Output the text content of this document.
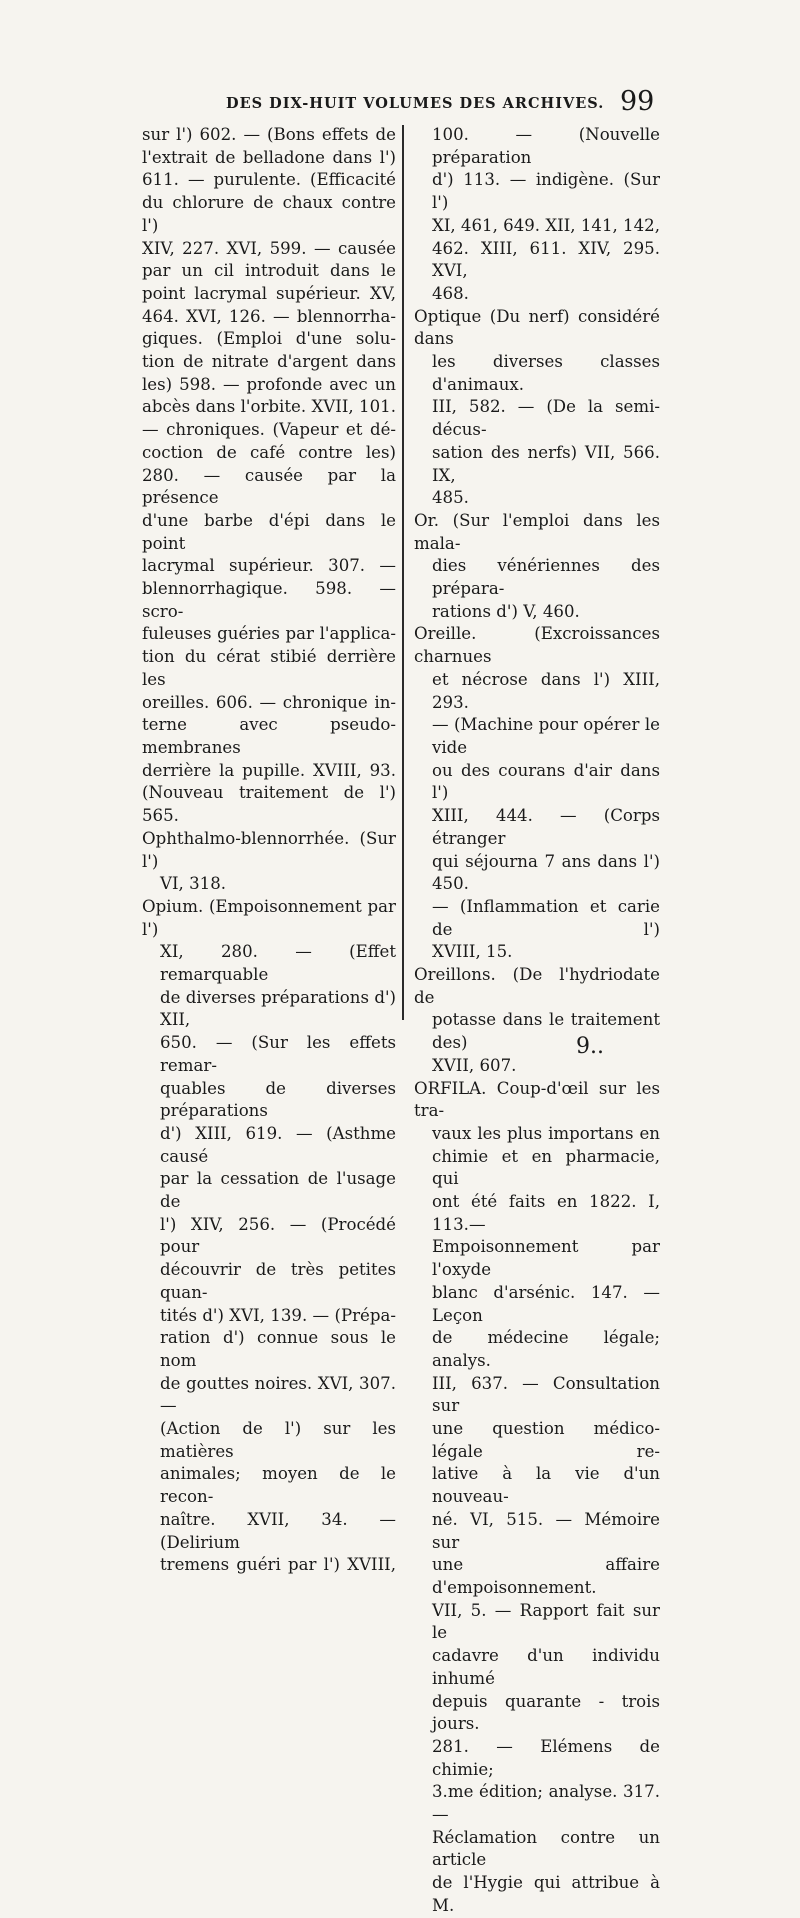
DES DIX-HUIT VOLUMES DES ARCHIVES. 99
sur l') 602. — (Bons effets de
l'extrait de belladone dans l')
611. — purulente. (Efficacité
du chlorure de chaux contre l')
XIV, 227. XVI, 599. — causée
par un cil introduit dans le
point lacrymal supérieur. XV,
464. XVI, 126. — blennorrha-
giques. (Emploi d'une solu-
tion de nitrate d'argent dans
les) 598. — profonde avec un
abcès dans l'orbite. XVII, 101.
— chroniques. (Vapeur et dé-
coction de café contre les)
280. — causée par la présence
d'une barbe d'épi dans le point
lacrymal supérieur. 307. —
blennorrhagique. 598. — scro-
fuleuses guéries par l'applica-
tion du cérat stibié derrière les
oreilles. 606. — chronique in-
terne avec pseudo-membranes
derrière la pupille. XVIII, 93.
(Nouveau traitement de l')
565.
Ophthalmo-blennorrhée. (Sur l')
VI, 318.
Opium. (Empoisonnement par l')
XI, 280. — (Effet remarquable
de diverses préparations d') XII,
650. — (Sur les effets remar-
quables de diverses préparations
d') XIII, 619. — (Asthme causé
par la cessation de l'usage de
l') XIV, 256. — (Procédé pour
découvrir de très petites quan-
tités d') XVI, 139. — (Prépa-
ration d') connue sous le nom
de gouttes noires. XVI, 307. —
(Action de l') sur les matières
animales; moyen de le recon-
naître. XVII, 34. — (Delirium
tremens guéri par l') XVIII,
100. — (Nouvelle préparation
d') 113. — indigène. (Sur l')
XI, 461, 649. XII, 141, 142,
462. XIII, 611. XIV, 295. XVI,
468.
Optique (Du nerf) considéré dans
les diverses classes d'animaux.
III, 582. — (De la semi-décus-
sation des nerfs) VII, 566. IX,
485.
Or. (Sur l'emploi dans les mala-
dies vénériennes des prépara-
rations d') V, 460.
Oreille. (Excroissances charnues
et nécrose dans l') XIII, 293.
— (Machine pour opérer le vide
ou des courans d'air dans l')
XIII, 444. — (Corps étranger
qui séjourna 7 ans dans l') 450.
— (Inflammation et carie de l')
XVIII, 15.
Oreillons. (De l'hydriodate de
potasse dans le traitement des)
XVII, 607.
ORFILA. Coup-d'œil sur les tra-
vaux les plus importans en
chimie et en pharmacie, qui
ont été faits en 1822. I, 113.—
Empoisonnement par l'oxyde
blanc d'arsénic. 147. — Leçon
de médecine légale; analys.
III, 637. — Consultation sur
une question médico-légale re-
lative à la vie d'un nouveau-
né. VI, 515. — Mémoire sur
une affaire d'empoisonnement.
VII, 5. — Rapport fait sur le
cadavre d'un individu inhumé
depuis quarante - trois jours.
281. — Elémens de chimie;
3.me édition; analyse. 317. —
Réclamation contre un article
de l'Hygie qui attribue à M.
9..
